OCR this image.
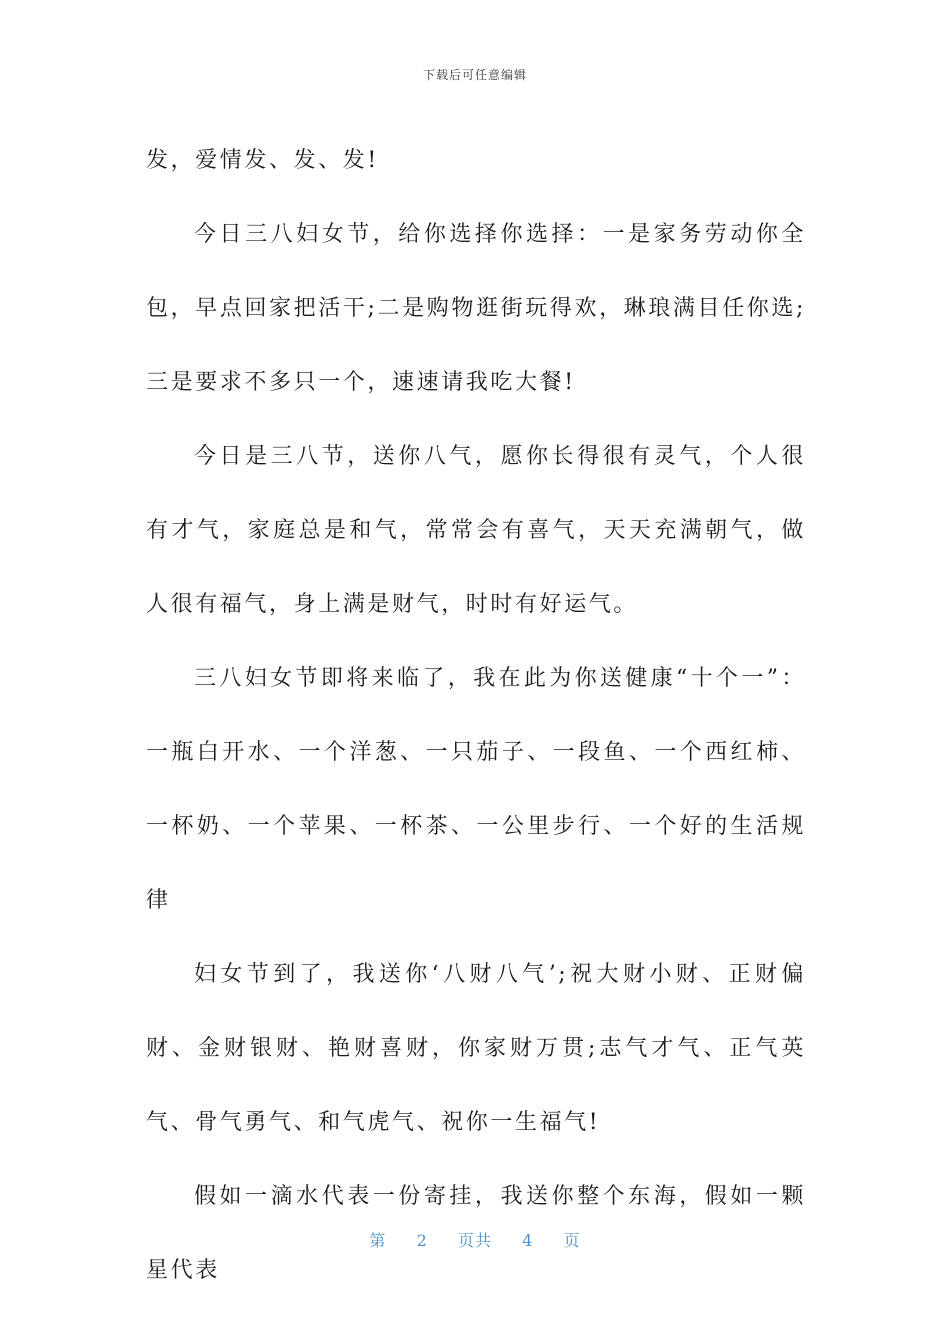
下载后可任意编辑

发，爱情发、发、发!

今日三八妇女节，给你选择你选择：一是家务劳动你全包，早点回家把活干;二是购物逛街玩得欢，琳琅满目任你选;三是要求不多只一个，速速请我吃大餐!

今日是三八节，送你八气，愿你长得很有灵气，个人很有才气，家庭总是和气，常常会有喜气，天天充满朝气，做人很有福气，身上满是财气，时时有好运气。

三八妇女节即将来临了，我在此为你送健康“十个一”：一瓶白开水、一个洋葱、一只茄子、一段鱼、一个西红柿、一杯奶、一个苹果、一杯茶、一公里步行、一个好的生活规律

妇女节到了，我送你‘八财八气’;祝大财小财、正财偏财、金财银财、艳财喜财，你家财万贯;志气才气、正气英气、骨气勇气、和气虎气、祝你一生福气!

假如一滴水代表一份寄挂，我送你整个东海，假如一颗星代表

第 2 页共 4 页
